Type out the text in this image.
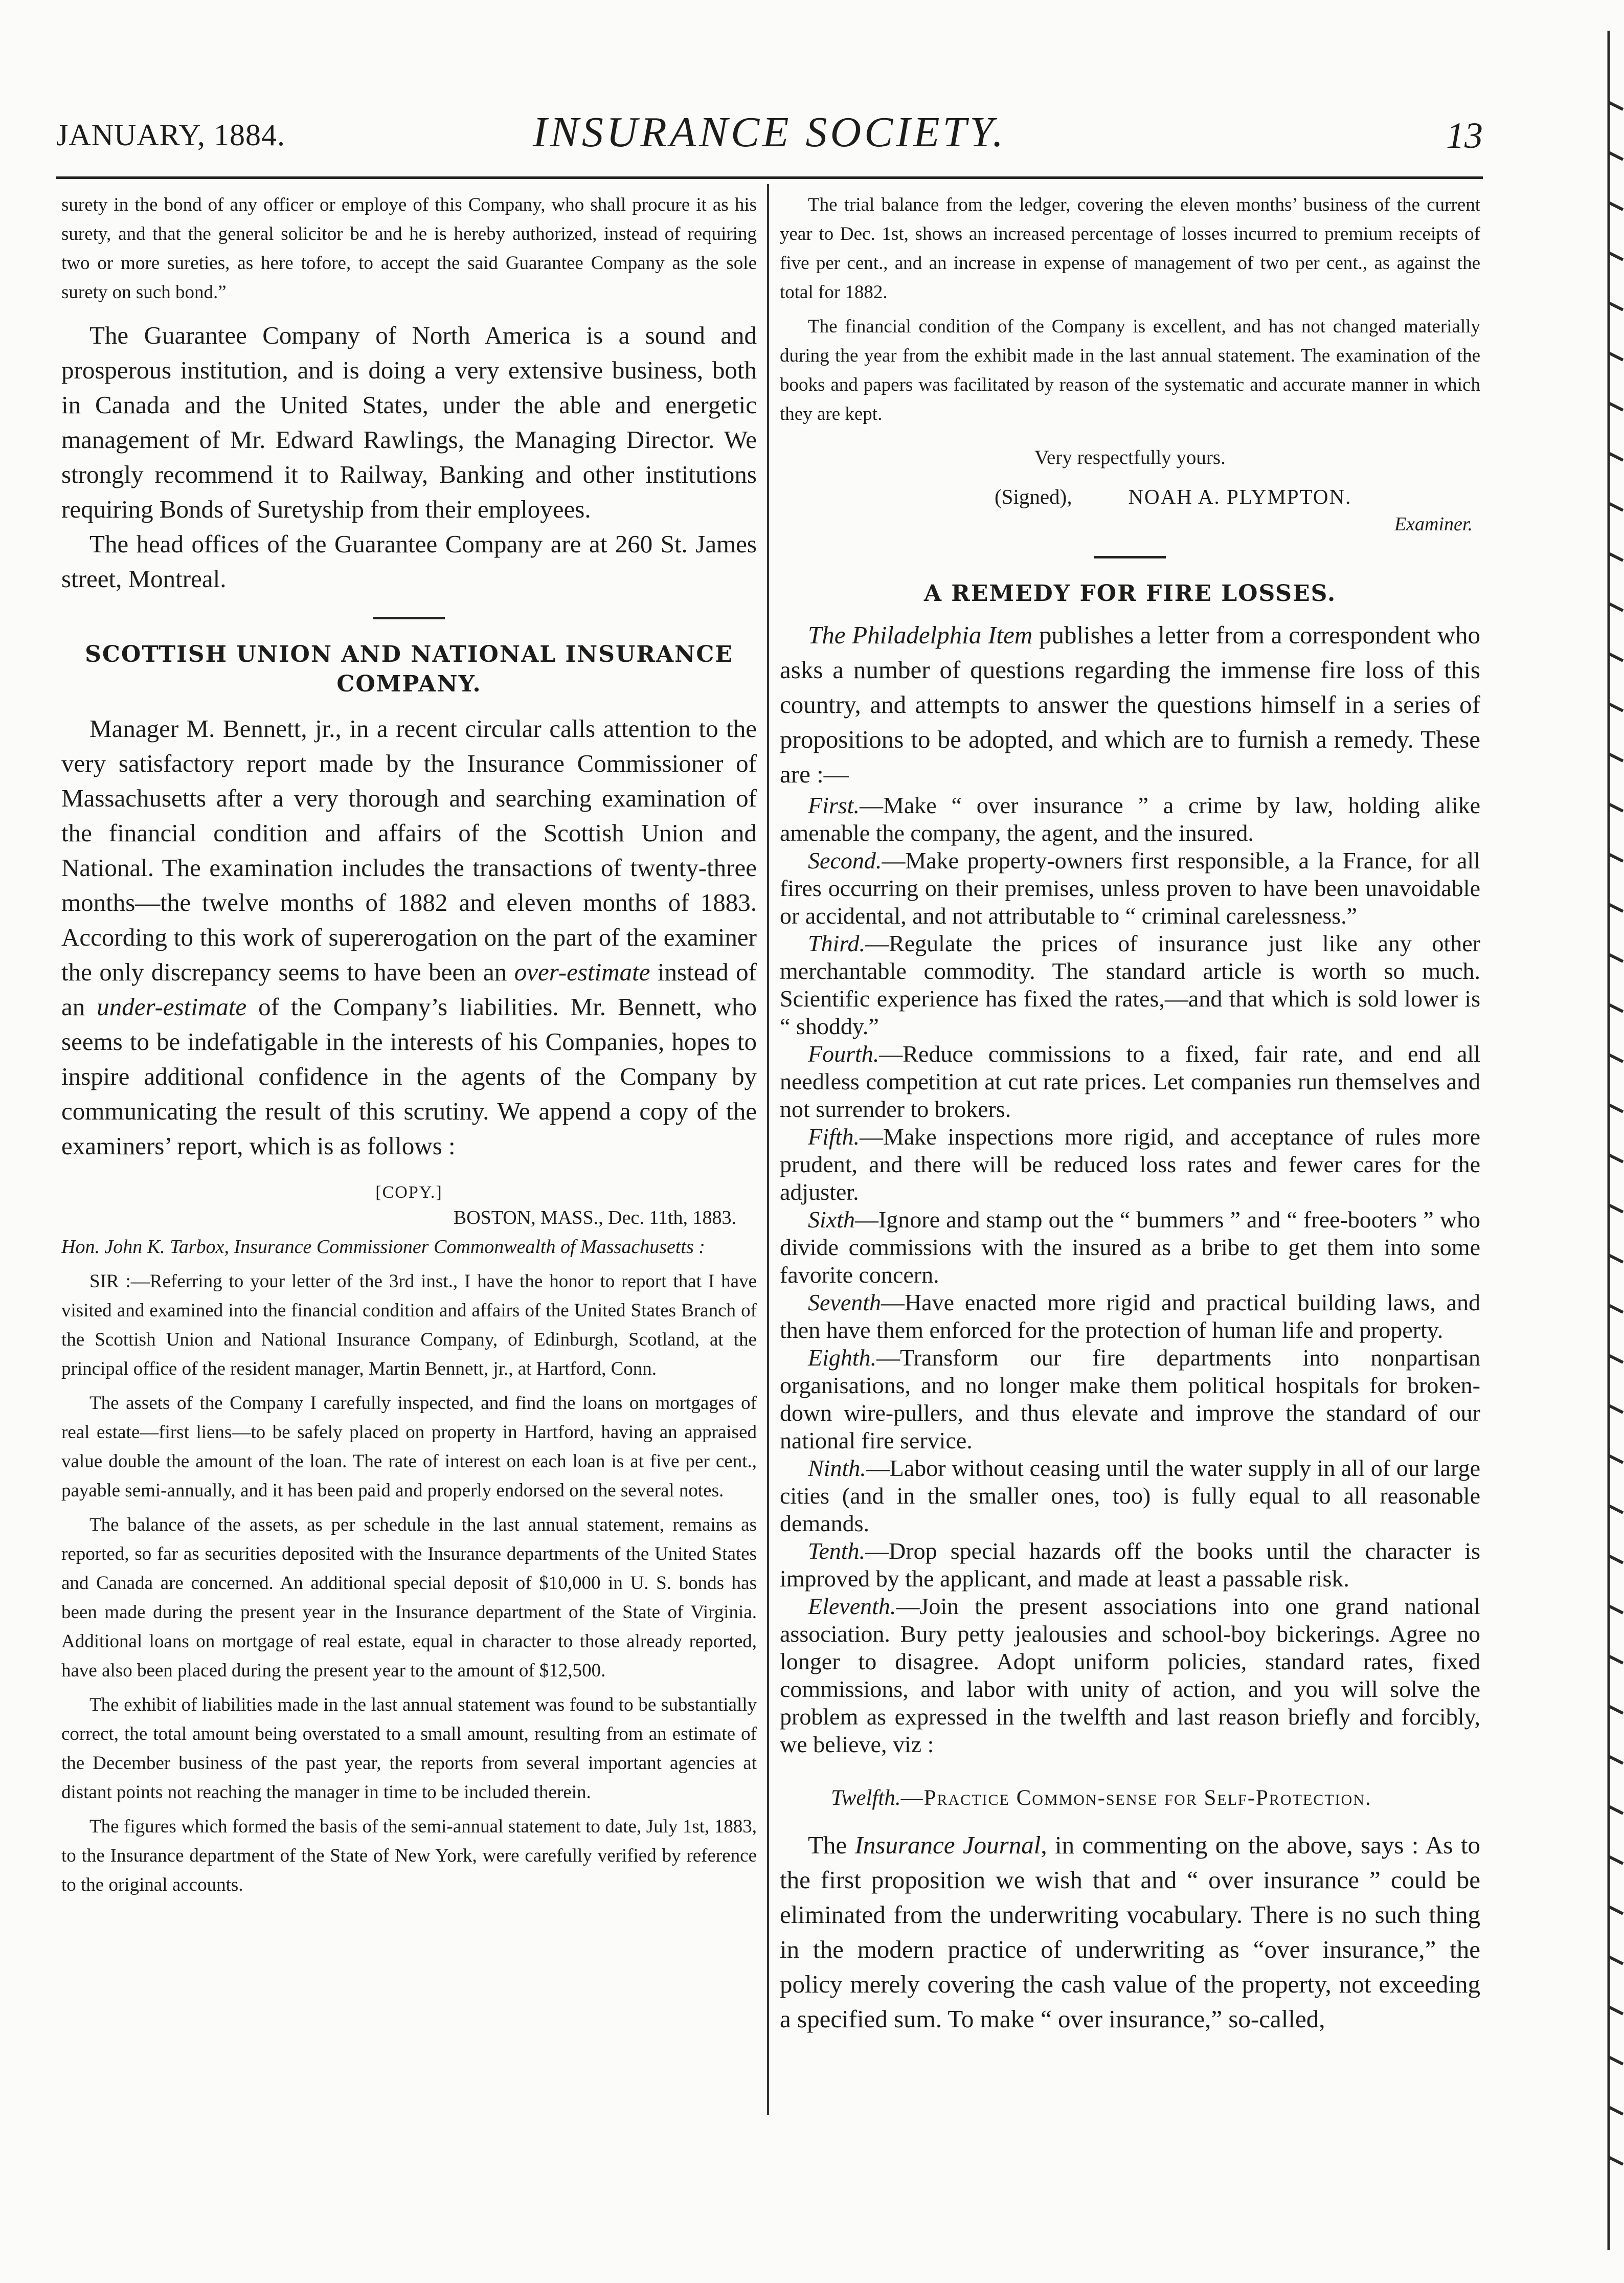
JANUARY, 1884.	INSURANCE SOCIETY.	13

surety in the bond of any officer or employe of this Company, who shall procure it as his surety, and that the general solicitor be and he is hereby authorized, instead of requiring two or more sureties, as here tofore, to accept the said Guarantee Company as the sole surety on such bond.”

The Guarantee Company of North America is a sound and prosperous institution, and is doing a very extensive business, both in Canada and the United States, under the able and energetic management of Mr. Edward Rawlings, the Managing Director. We strongly recommend it to Railway, Banking and other institutions requiring Bonds of Suretyship from their employees.

The head offices of the Guarantee Company are at 260 St. James street, Montreal.

SCOTTISH UNION AND NATIONAL INSURANCE COMPANY.

Manager M. Bennett, jr., in a recent circular calls attention to the very satisfactory report made by the Insurance Commissioner of Massachusetts after a very thorough and searching examination of the financial condition and affairs of the Scottish Union and National. The examination includes the transactions of twenty-three months—the twelve months of 1882 and eleven months of 1883. According to this work of supererogation on the part of the examiner the only discrepancy seems to have been an over-estimate instead of an under-estimate of the Company’s liabilities. Mr. Bennett, who seems to be indefatigable in the interests of his Companies, hopes to inspire additional confidence in the agents of the Company by communicating the result of this scrutiny. We append a copy of the examiners’ report, which is as follows :

[COPY.]
BOSTON, MASS., Dec. 11th, 1883.

Hon. John K. Tarbox, Insurance Commissioner Commonwealth of Massachusetts :

SIR :—Referring to your letter of the 3rd inst., I have the honor to report that I have visited and examined into the financial condition and affairs of the United States Branch of the Scottish Union and National Insurance Company, of Edinburgh, Scotland, at the principal office of the resident manager, Martin Bennett, jr., at Hartford, Conn.

The assets of the Company I carefully inspected, and find the loans on mortgages of real estate—first liens—to be safely placed on property in Hartford, having an appraised value double the amount of the loan. The rate of interest on each loan is at five per cent., payable semi-annually, and it has been paid and properly endorsed on the several notes.

The balance of the assets, as per schedule in the last annual statement, remains as reported, so far as securities deposited with the Insurance departments of the United States and Canada are concerned. An additional special deposit of $10,000 in U. S. bonds has been made during the present year in the Insurance department of the State of Virginia. Additional loans on mortgage of real estate, equal in character to those already reported, have also been placed during the present year to the amount of $12,500.

The exhibit of liabilities made in the last annual statement was found to be substantially correct, the total amount being overstated to a small amount, resulting from an estimate of the December business of the past year, the reports from several important agencies at distant points not reaching the manager in time to be included therein.

The figures which formed the basis of the semi-annual statement to date, July 1st, 1883, to the Insurance department of the State of New York, were carefully verified by reference to the original accounts.

The trial balance from the ledger, covering the eleven months’ business of the current year to Dec. 1st, shows an increased percentage of losses incurred to premium receipts of five per cent., and an increase in expense of management of two per cent., as against the total for 1882.

The financial condition of the Company is excellent, and has not changed materially during the year from the exhibit made in the last annual statement. The examination of the books and papers was facilitated by reason of the systematic and accurate manner in which they are kept.

Very respectfully yours.
(Signed),	NOAH A. PLYMPTON.
Examiner.
A REMEDY FOR FIRE LOSSES.

The Philadelphia Item publishes a letter from a correspondent who asks a number of questions regarding the immense fire loss of this country, and attempts to answer the questions himself in a series of propositions to be adopted, and which are to furnish a remedy. These are :—

First.—Make “ over insurance ” a crime by law, holding alike amenable the company, the agent, and the insured.

Second.—Make property-owners first responsible, a la France, for all fires occurring on their premises, unless proven to have been unavoidable or accidental, and not attributable to “ criminal carelessness.”

Third.—Regulate the prices of insurance just like any other merchantable commodity. The standard article is worth so much. Scientific experience has fixed the rates,—and that which is sold lower is “ shoddy.”

Fourth.—Reduce commissions to a fixed, fair rate, and end all needless competition at cut rate prices. Let companies run themselves and not surrender to brokers.

Fifth.—Make inspections more rigid, and acceptance of rules more prudent, and there will be reduced loss rates and fewer cares for the adjuster.

Sixth—Ignore and stamp out the “ bummers ” and “ free-booters ” who divide commissions with the insured as a bribe to get them into some favorite concern.

Seventh—Have enacted more rigid and practical building laws, and then have them enforced for the protection of human life and property.

Eighth.—Transform our fire departments into nonpartisan organisations, and no longer make them political hospitals for broken-down wire-pullers, and thus elevate and improve the standard of our national fire service.

Ninth.—Labor without ceasing until the water supply in all of our large cities (and in the smaller ones, too) is fully equal to all reasonable demands.

Tenth.—Drop special hazards off the books until the character is improved by the applicant, and made at least a passable risk.

Eleventh.—Join the present associations into one grand national association. Bury petty jealousies and school-boy bickerings. Agree no longer to disagree. Adopt uniform policies, standard rates, fixed commissions, and labor with unity of action, and you will solve the problem as expressed in the twelfth and last reason briefly and forcibly, we believe, viz :

Twelfth.—Practice Common-sense for Self-Protection.

The Insurance Journal, in commenting on the above, says : As to the first proposition we wish that and “ over insurance ” could be eliminated from the underwriting vocabulary. There is no such thing in the modern practice of underwriting as “over insurance,” the policy merely covering the cash value of the property, not exceeding a specified sum. To make “ over insurance,” so-called,
